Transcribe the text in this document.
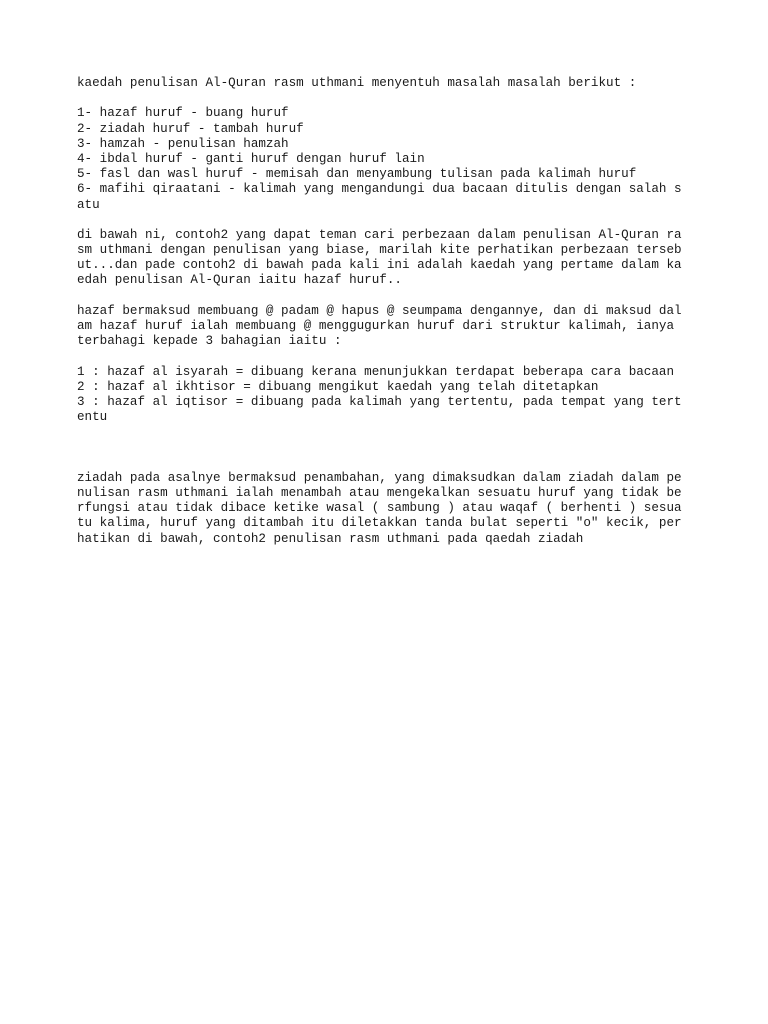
kaedah penulisan Al-Quran rasm uthmani menyentuh masalah masalah berikut :
1- hazaf huruf - buang huruf
2- ziadah huruf - tambah huruf
3- hamzah - penulisan hamzah
4- ibdal huruf - ganti huruf dengan huruf lain
5- fasl dan wasl huruf - memisah dan menyambung tulisan pada kalimah huruf
6- mafihi qiraatani - kalimah yang mengandungi dua bacaan ditulis dengan salah s
atu
di bawah ni, contoh2 yang dapat teman cari perbezaan dalam penulisan Al-Quran ra
sm uthmani dengan penulisan yang biase, marilah kite perhatikan perbezaan terseb
ut...dan pade contoh2 di bawah pada kali ini adalah kaedah yang pertame dalam ka
edah penulisan Al-Quran iaitu hazaf huruf..
hazaf bermaksud membuang @ padam @ hapus @ seumpama dengannye, dan di maksud dal
am hazaf huruf ialah membuang @ menggugurkan huruf dari struktur kalimah, ianya
terbahagi kepade 3 bahagian iaitu :
1 : hazaf al isyarah = dibuang kerana menunjukkan terdapat beberapa cara bacaan
2 : hazaf al ikhtisor = dibuang mengikut kaedah yang telah ditetapkan
3 : hazaf al iqtisor = dibuang pada kalimah yang tertentu, pada tempat yang tert
entu
ziadah pada asalnye bermaksud penambahan, yang dimaksudkan dalam ziadah dalam pe
nulisan rasm uthmani ialah menambah atau mengekalkan sesuatu huruf yang tidak be
rfungsi atau tidak dibace ketike wasal ( sambung ) atau waqaf ( berhenti ) sesua
tu kalima, huruf yang ditambah itu diletakkan tanda bulat seperti "o" kecik, per
hatikan di bawah, contoh2 penulisan rasm uthmani pada qaedah ziadah
